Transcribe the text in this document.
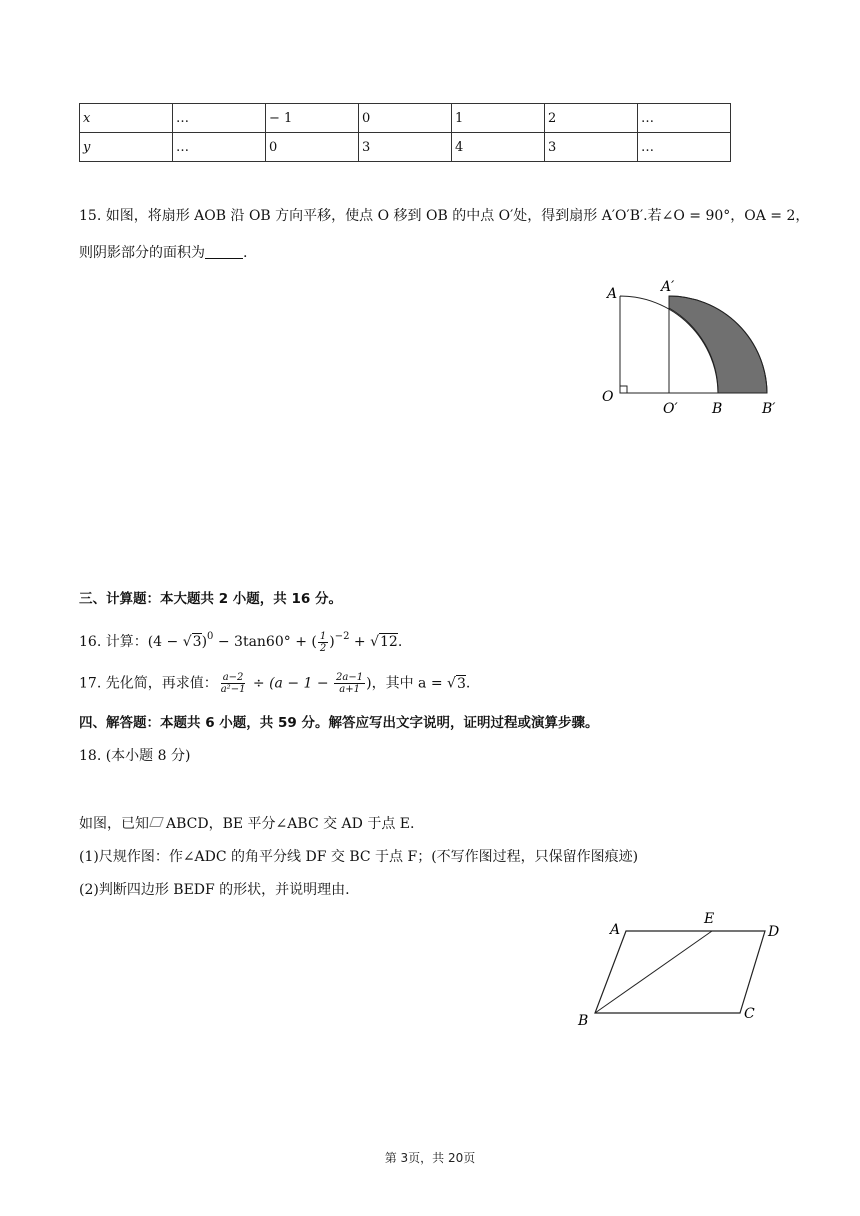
x	…	− 1	0	1	2	…
y	…	0	3	4	3	…
15. 如图，将扇形 AOB 沿 OB 方向平移，使点 O 移到 OB 的中点 O′处，得到扇形 A′O′B′.若∠O = 90°，OA = 2，
则阴影部分的面积为	.
A	A′
O
O′ B	B′
三、计算题：本大题共 2 小题，共 16 分。
16. 计算：$(4 - √3)^0 - 3\tan 60^\circ$ + ( $\frac{1}{2} )^{-2} + √12$.
17. 先化简，再求值： $\frac{a-2}{\text{a²−1}} \div (a - 1 - \frac{2a-1}{a+1}$ )，其中 a = √3.
四、解答题：本题共 6 小题，共 59 分。解答应写出文字说明，证明过程或演算步骤。
18. (本小题 8 分)
如图，已知 ABCD，BE 平分∠ABC 交 AD 于点 E.
(1)尺规作图：作∠ADC 的角平分线 DF 交 BC 于点 F；(不写作图过程，只保留作图痕迹)
(2)判断四边形 BEDF 的形状，并说明理由.
A
E
D
B	C
第 3页，共 20页
